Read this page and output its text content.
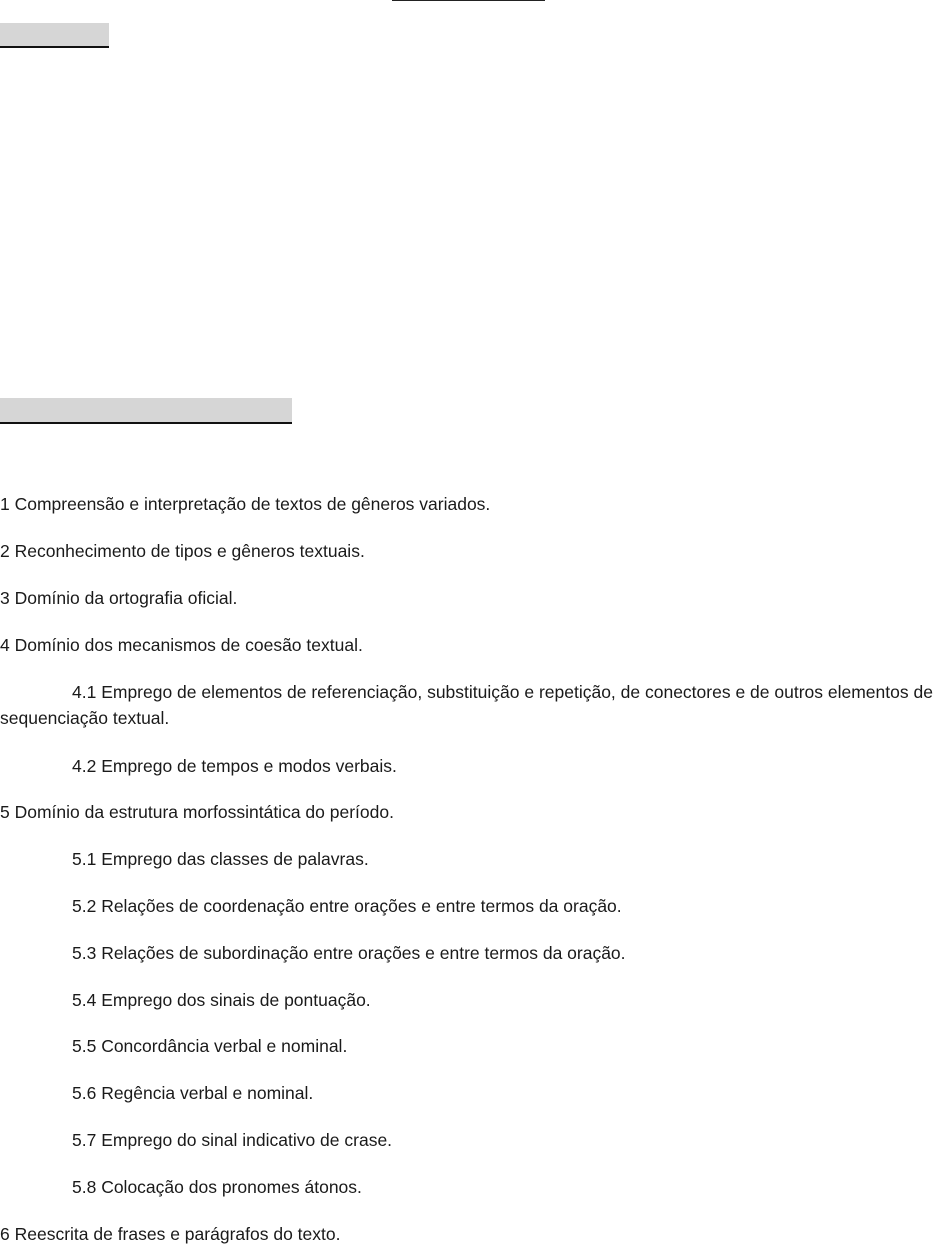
1 Compreensão e interpretação de textos de gêneros variados.
2 Reconhecimento de tipos e gêneros textuais.
3 Domínio da ortografia oficial.
4 Domínio dos mecanismos de coesão textual.
4.1 Emprego de elementos de referenciação, substituição e repetição, de conectores e de outros elementos de sequenciação textual.
4.2 Emprego de tempos e modos verbais.
5 Domínio da estrutura morfossintática do período.
5.1 Emprego das classes de palavras.
5.2 Relações de coordenação entre orações e entre termos da oração.
5.3 Relações de subordinação entre orações e entre termos da oração.
5.4 Emprego dos sinais de pontuação.
5.5 Concordância verbal e nominal.
5.6 Regência verbal e nominal.
5.7 Emprego do sinal indicativo de crase.
5.8 Colocação dos pronomes átonos.
6 Reescrita de frases e parágrafos do texto.
